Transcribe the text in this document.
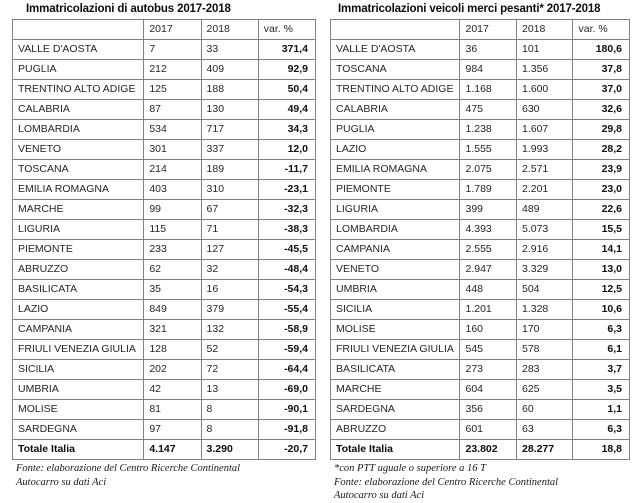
Immatricolazioni di autobus 2017-2018
	2017	2018	var. %
VALLE D'AOSTA	7	33	371,4
PUGLIA	212	409	92,9
TRENTINO ALTO ADIGE	125	188	50,4
CALABRIA	87	130	49,4
LOMBARDIA	534	717	34,3
VENETO	301	337	12,0
TOSCANA	214	189	-11,7
EMILIA ROMAGNA	403	310	-23,1
MARCHE	99	67	-32,3
LIGURIA	115	71	-38,3
PIEMONTE	233	127	-45,5
ABRUZZO	62	32	-48,4
BASILICATA	35	16	-54,3
LAZIO	849	379	-55,4
CAMPANIA	321	132	-58,9
FRIULI VENEZIA GIULIA	128	52	-59,4
SICILIA	202	72	-64,4
UMBRIA	42	13	-69,0
MOLISE	81	8	-90,1
SARDEGNA	97	8	-91,8
Totale Italia	4.147	3.290	-20,7
Fonte: elaborazione del Centro Ricerche Continental
Autocarro su dati Aci
Immatricolazioni veicoli merci pesanti* 2017-2018
	2017	2018	var. %
VALLE D'AOSTA	36	101	180,6
TOSCANA	984	1.356	37,8
TRENTINO ALTO ADIGE	1.168	1.600	37,0
CALABRIA	475	630	32,6
PUGLIA	1.238	1.607	29,8
LAZIO	1.555	1.993	28,2
EMILIA ROMAGNA	2.075	2.571	23,9
PIEMONTE	1.789	2.201	23,0
LIGURIA	399	489	22,6
LOMBARDIA	4.393	5.073	15,5
CAMPANIA	2.555	2.916	14,1
VENETO	2.947	3.329	13,0
UMBRIA	448	504	12,5
SICILIA	1.201	1.328	10,6
MOLISE	160	170	6,3
FRIULI VENEZIA GIULIA	545	578	6,1
BASILICATA	273	283	3,7
MARCHE	604	625	3,5
SARDEGNA	356	60	1,1
ABRUZZO	601	63	6,3
Totale Italia	23.802	28.277	18,8
*con PTT uguale o superiore a 16 T
Fonte: elaborazione del Centro Ricerche Continental
Autocarro su dati Aci
